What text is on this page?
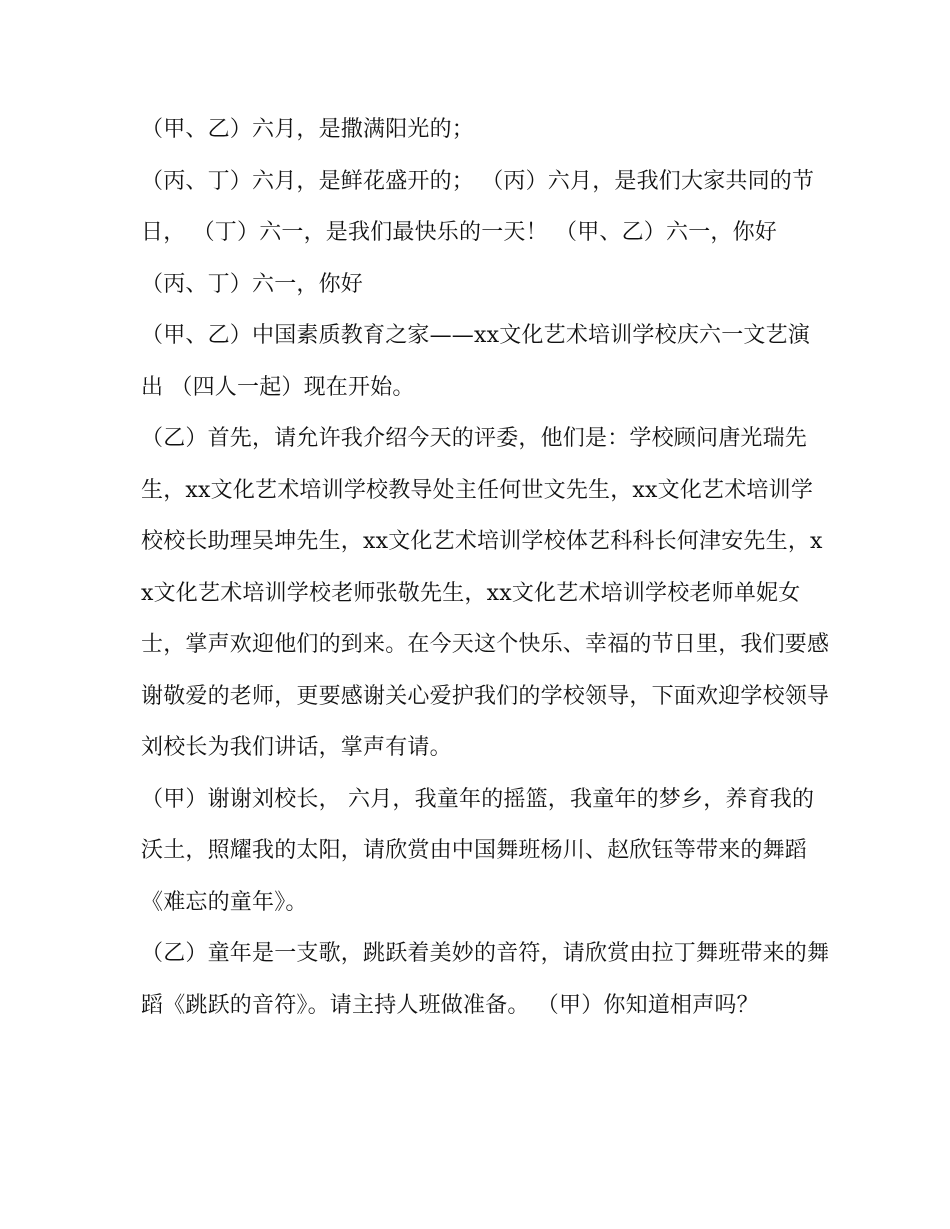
（甲、乙）六月，是撒满阳光的；

（丙、丁）六月，是鲜花盛开的； （丙）六月，是我们大家共同的节日， （丁）六一，是我们最快乐的一天！ （甲、乙）六一，你好 （丙、丁）六一，你好

（甲、乙）中国素质教育之家——xx文化艺术培训学校庆六一文艺演出 （四人一起）现在开始。

（乙）首先，请允许我介绍今天的评委，他们是：学校顾问唐光瑞先生，xx文化艺术培训学校教导处主任何世文先生，xx文化艺术培训学校校长助理吴坤先生，xx文化艺术培训学校体艺科科长何津安先生，xx文化艺术培训学校老师张敬先生，xx文化艺术培训学校老师单妮女士，掌声欢迎他们的到来。在今天这个快乐、幸福的节日里，我们要感谢敬爱的老师，更要感谢关心爱护我们的学校领导，下面欢迎学校领导刘校长为我们讲话，掌声有请。

（甲）谢谢刘校长， 六月，我童年的摇篮，我童年的梦乡，养育我的沃土，照耀我的太阳，请欣赏由中国舞班杨川、赵欣钰等带来的舞蹈《难忘的童年》。

（乙）童年是一支歌，跳跃着美妙的音符，请欣赏由拉丁舞班带来的舞蹈《跳跃的音符》。请主持人班做准备。 （甲）你知道相声吗？
